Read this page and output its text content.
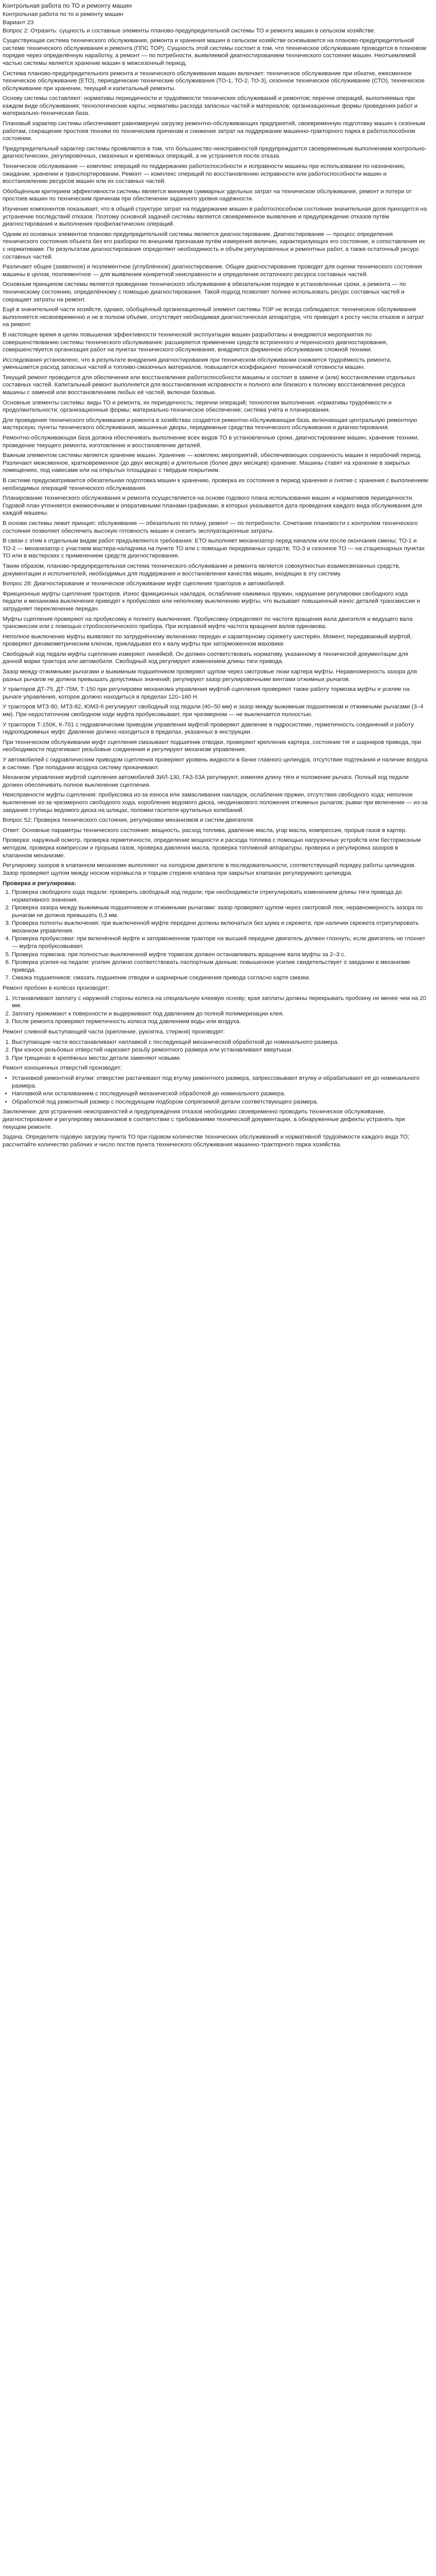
Контрольная работа по ТО и ремонту машин
Контрольная работа по то и ремонту машин
Вариант 23

Вопрос 2: Отразить: сущность и составные элементы планово-предупредительной системы ТО и ремонта машин в сельском хозяйстве.

Существующая система технического обслуживания, ремонта и хранения машин в сельском хозяйстве основывается на планово-предупредительной системе технического обслуживания и ремонта (ППС ТОР). Сущность этой системы состоит в том, что техническое обслуживание проводится в плановом порядке через определённую наработку, а ремонт — по потребности, выявляемой диагностированием технического состояния машин. Неотъемлемой частью системы является хранение машин в межсезонный период.

Система планово-предупредительного ремонта и технического обслуживания машин включает: техническое обслуживание при обкатке, ежесменное техническое обслуживание (ЕТО), периодические технические обслуживания (ТО-1, ТО-2, ТО-3), сезонное техническое обслуживание (СТО), техническое обслуживание при хранении, текущий и капитальный ремонты.

Основу системы составляют: нормативы периодичности и трудоёмкости технических обслуживаний и ремонтов; перечни операций, выполняемых при каждом виде обслуживания; технологические карты; нормативы расхода запасных частей и материалов; организационные формы проведения работ и материально-техническая база.

Плановый характер системы обеспечивает равномерную загрузку ремонтно-обслуживающих предприятий, своевременную подготовку машин к сезонным работам, сокращение простоев техники по техническим причинам и снижение затрат на поддержание машинно-тракторного парка в работоспособном состоянии.

Предупредительный характер системы проявляется в том, что большинство неисправностей предупреждается своевременным выполнением контрольно-диагностических, регулировочных, смазочных и крепёжных операций, а не устраняется после отказа.

Техническое обслуживание — комплекс операций по поддержанию работоспособности и исправности машины при использовании по назначению, ожидании, хранении и транспортировании. Ремонт — комплекс операций по восстановлению исправности или работоспособности машин и восстановлению ресурсов машин или их составных частей.

Обобщённым критерием эффективности системы является минимум суммарных удельных затрат на техническое обслуживание, ремонт и потери от простоев машин по техническим причинам при обеспечении заданного уровня надёжности.

Изучение компонентов показывает, что в общей структуре затрат на поддержание машин в работоспособном состоянии значительная доля приходится на устранение последствий отказов. Поэтому основной задачей системы является своевременное выявление и предупреждение отказов путём диагностирования и выполнения профилактических операций.

Одним из основных элементов планово-предупредительной системы является диагностирование. Диагностирование — процесс определения технического состояния объекта без его разборки по внешним признакам путём измерения величин, характеризующих его состояние, и сопоставления их с нормативами. По результатам диагностирования определяют необходимость и объём регулировочных и ремонтных работ, а также остаточный ресурс составных частей.

Различают общее (заявочное) и поэлементное (углублённое) диагностирование. Общее диагностирование проводят для оценки технического состояния машины в целом, поэлементное — для выявления конкретной неисправности и определения остаточного ресурса составных частей.

Основным принципом системы является проведение технического обслуживания в обязательном порядке в установленные сроки, а ремонта — по техническому состоянию, определённому с помощью диагностирования. Такой подход позволяет полнее использовать ресурс составных частей и сокращает затраты на ремонт.

Ещё в значительной части хозяйств, однако, обобщённый организационный элемент системы ТОР не всегда соблюдается: техническое обслуживание выполняется несвоевременно и не в полном объёме, отсутствует необходимая диагностическая аппаратура, что приводит к росту числа отказов и затрат на ремонт.

В настоящее время в целях повышения эффективности технической эксплуатации машин разработаны и внедряются мероприятия по совершенствованию системы технического обслуживания: расширяется применение средств встроенного и переносного диагностирования, совершенствуется организация работ на пунктах технического обслуживания, внедряется фирменное обслуживание сложной техники.

Исследования установлено, что в результате внедрения диагностирования при техническом обслуживании снижается трудоёмкость ремонта, уменьшается расход запасных частей и топливо-смазочных материалов, повышается коэффициент технической готовности машин.

Текущий ремонт проводится для обеспечения или восстановления работоспособности машины и состоит в замене и (или) восстановлении отдельных составных частей. Капитальный ремонт выполняется для восстановления исправности и полного или близкого к полному восстановления ресурса машины с заменой или восстановлением любых её частей, включая базовые.

Основные элементы системы: виды ТО и ремонта, их периодичность; перечни операций; технологии выполнения; нормативы трудоёмкости и продолжительности; организационные формы; материально-техническое обеспечение; система учёта и планирования.

Для проведения технического обслуживания и ремонта в хозяйствах создаётся ремонтно-обслуживающая база, включающая центральную ремонтную мастерскую, пункты технического обслуживания, машинные дворы, передвижные средства технического обслуживания и диагностирования.

Ремонтно-обслуживающая база должна обеспечивать выполнение всех видов ТО в установленные сроки, диагностирование машин, хранение техники, проведение текущего ремонта, изготовление и восстановление деталей.

Важным элементом системы является хранение машин. Хранение — комплекс мероприятий, обеспечивающих сохранность машин в нерабочий период. Различают межсменное, кратковременное (до двух месяцев) и длительное (более двух месяцев) хранение. Машины ставят на хранение в закрытых помещениях, под навесами или на открытых площадках с твёрдым покрытием.

В системе предусматривается обязательная подготовка машин к хранению, проверка их состояния в период хранения и снятие с хранения с выполнением необходимых операций технического обслуживания.

Планирование технического обслуживания и ремонта осуществляется на основе годового плана использования машин и нормативов периодичности. Годовой план уточняется ежемесячными и оперативными планами-графиками, в которых указывается дата проведения каждого вида обслуживания для каждой машины.

В основе системы лежит принцип: обслуживание — обязательно по плану, ремонт — по потребности. Сочетание плановости с контролем технического состояния позволяет обеспечить высокую готовность машин и снизить эксплуатационные затраты.

В связи с этим к отдельным видам работ предъявляются требования: ЕТО выполняет механизатор перед началом или после окончания смены; ТО-1 и ТО-2 — механизатор с участием мастера-наладчика на пункте ТО или с помощью передвижных средств; ТО-3 и сезонное ТО — на стационарных пунктах ТО или в мастерских с применением средств диагностирования.

Таким образом, планово-предупредительная система технического обслуживания и ремонта является совокупностью взаимосвязанных средств, документации и исполнителей, необходимых для поддержания и восстановления качества машин, входящих в эту систему.

Вопрос 28: Диагностирование и техническое обслуживание муфт сцепления тракторов и автомобилей.

Фрикционные муфты сцепления тракторов. Износ фрикционных накладок, ослабление нажимных пружин, нарушение регулировки свободного хода педали и механизма выключения приводят к пробуксовке или неполному выключению муфты, что вызывает повышенный износ деталей трансмиссии и затрудняет переключение передач.

Муфты сцепления проверяют на пробуксовку и полноту выключения. Пробуксовку определяют по частоте вращения вала двигателя и ведущего вала трансмиссии или с помощью стробоскопического прибора. При исправной муфте частота вращения валов одинакова.

Неполное выключение муфты выявляют по затруднённому включению передач и характерному скрежету шестерён. Момент, передаваемый муфтой, проверяют динамометрическим ключом, прикладывая его к валу муфты при заторможенном маховике.

Свободный ход педали муфты сцепления измеряют линейкой. Он должен соответствовать нормативу, указанному в технической документации для данной марки трактора или автомобиля. Свободный ход регулируют изменением длины тяги привода.

Зазор между отжимными рычагами и выжимным подшипником проверяют щупом через смотровые люки картера муфты. Неравномерность зазора для разных рычагов не должна превышать допустимых значений; регулируют зазор регулировочными винтами отжимных рычагов.

У тракторов ДТ-75, ДТ-75М, Т-150 при регулировке механизма управления муфтой сцепления проверяют также работу тормозка муфты и усилие на рычаге управления, которое должно находиться в пределах 120–160 Н.

У тракторов МТЗ-80, МТЗ-82, ЮМЗ-6 регулируют свободный ход педали (40–50 мм) и зазор между выжимным подшипником и отжимными рычагами (3–4 мм). При недостаточном свободном ходе муфта пробуксовывает, при чрезмерном — не выключается полностью.

У тракторов Т-150К, К-701 с гидравлическим приводом управления муфтой проверяют давление в гидросистеме, герметичность соединений и работу гидроподжимных муфт. Давление должно находиться в пределах, указанных в инструкции.

При техническом обслуживании муфт сцепления смазывают подшипник отводки, проверяют крепление картера, состояние тяг и шарниров привода, при необходимости подтягивают резьбовые соединения и регулируют механизм управления.

У автомобилей с гидравлическим приводом сцепления проверяют уровень жидкости в бачке главного цилиндра, отсутствие подтекания и наличие воздуха в системе. При попадании воздуха систему прокачивают.

Механизм управления муфтой сцепления автомобилей ЗИЛ-130, ГАЗ-53А регулируют, изменяя длину тяги и положение рычага. Полный ход педали должен обеспечивать полное выключение сцепления.

Неисправности муфты сцепления: пробуксовка из-за износа или замасливания накладок, ослабления пружин, отсутствия свободного хода; неполное выключение из-за чрезмерного свободного хода, коробления ведомого диска, неодинакового положения отжимных рычагов; рывки при включении — из-за заедания ступицы ведомого диска на шлицах, поломки гасителя крутильных колебаний.

Вопрос 52: Проверка технического состояния, регулировки механизмов и систем двигателя.

Ответ: Основные параметры технического состояния: мощность, расход топлива, давление масла, угар масла, компрессия, прорыв газов в картер.

Проверка: наружный осмотр, проверка герметичности, определение мощности и расхода топлива с помощью нагрузочных устройств или бестормозным методом, проверка компрессии и прорыва газов, проверка давления масла, проверка топливной аппаратуры, проверка и регулировка зазоров в клапанном механизме.

Регулировку зазоров в клапанном механизме выполняют на холодном двигателе в последовательности, соответствующей порядку работы цилиндров. Зазор проверяют щупом между носком коромысла и торцом стержня клапана при закрытых клапанах регулируемого цилиндра.

Проверка и регулировка:
1. Проверка свободного хода педали: проверить свободный ход педали; при необходимости отрегулировать изменением длины тяги привода до нормативного значения.
2. Проверка зазора между выжимным подшипником и отжимными рычагами: зазор проверяют щупом через смотровой люк; неравномерность зазора по рычагам не должна превышать 0,3 мм.
3. Проверка полноты выключения: при выключенной муфте передачи должны включаться без шума и скрежета; при наличии скрежета отрегулировать механизм управления.
4. Проверка пробуксовки: при включённой муфте и заторможенном тракторе на высшей передаче двигатель должен глохнуть; если двигатель не глохнет — муфта пробуксовывает.
5. Проверка тормозка: при полностью выключенной муфте тормозок должен останавливать вращение вала муфты за 2–3 с.
6. Проверка усилия на педали: усилие должно соответствовать паспортным данным; повышенное усилие свидетельствует о заедании в механизме привода.
7. Смазка подшипников: смазать подшипник отводки и шарнирные соединения привода согласно карте смазки.

Ремонт пробоин в колёсах производят:

1. Устанавливают заплату с наружной стороны колеса на специальную клеевую основу; края заплаты должны перекрывать пробоину не менее чем на 20 мм.
2. Заплату прижимают к поверхности и выдерживают под давлением до полной полимеризации клея.
3. После ремонта проверяют герметичность колеса под давлением воды или воздуха.

Ремонт сливной выступающей части (крепление, рукоятка, стержня) производят:

1. Выступающие части восстанавливают наплавкой с последующей механической обработкой до номинального размера.
2. При износе резьбовых отверстий нарезают резьбу ремонтного размера или устанавливают ввертыши.
3. При трещинах в крепёжных местах детали заменяют новыми.

Ремонт изношенных отверстий производят:

• Установкой ремонтной втулки: отверстие растачивают под втулку ремонтного размера, запрессовывают втулку и обрабатывают её до номинального размера.
• Наплавкой или осталиванием с последующей механической обработкой до номинального размера.
• Обработкой под ремонтный размер с последующим подбором сопрягаемой детали соответствующего размера.

Заключение: для устранения неисправностей и предупреждения отказов необходимо своевременно проводить техническое обслуживание, диагностирование и регулировку механизмов в соответствии с требованиями технической документации, а обнаруженные дефекты устранять при текущем ремонте.

Задача. Определите годовую загрузку пункта ТО при годовом количестве технических обслуживаний и нормативной трудоёмкости каждого вида ТО; рассчитайте количество рабочих и число постов пункта технического обслуживания машинно-тракторного парка хозяйства.
